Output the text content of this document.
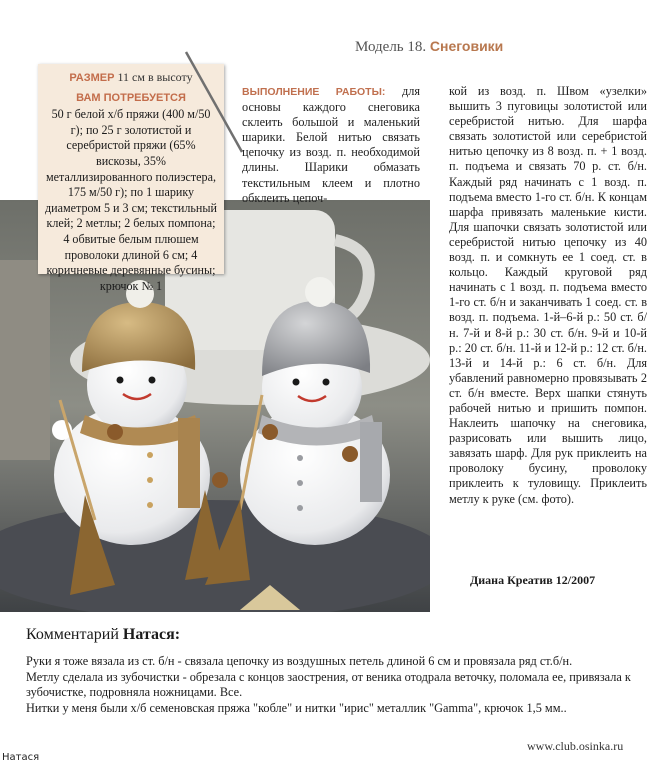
Модель 18. Снеговики
РАЗМЕР 11 см в высоту
ВАМ ПОТРЕБУЕТСЯ
50 г белой х/б пряжи (400 м/50 г); по 25 г золотистой и серебристой пряжи (65% вискозы, 35% металлизированного полиэстера, 175 м/50 г); по 1 шарику диаметром 5 и 3 см; текстильный клей; 2 метлы; 2 белых помпона; 4 обвитые белым плюшем проволоки длиной 6 см; 4 коричневые деревянные бусины; крючок № 1
ВЫПОЛНЕНИЕ РАБОТЫ: для основы каждого снеговика склеить большой и маленький шарики. Белой нитью связать цепочку из возд. п. необходимой длины. Шарики обмазать текстильным клеем и плотно обклеить цепоч-
кой из возд. п. Швом «узелки» вышить 3 пуговицы золотистой или серебристой нитью. Для шарфа связать золотистой или серебристой нитью цепочку из 8 возд. п. + 1 возд. п. подъема и связать 70 р. ст. б/н. Каждый ряд начинать с 1 возд. п. подъема вместо 1-го ст. б/н. К концам шарфа привязать маленькие кисти. Для шапочки связать золотистой или серебристой нитью цепочку из 40 возд. п. и сомкнуть ее 1 соед. ст. в кольцо. Каждый круговой ряд начинать с 1 возд. п. подъема вместо 1-го ст. б/н и заканчивать 1 соед. ст. в возд. п. подъема. 1-й–6-й р.: 50 ст. б/н. 7-й и 8-й р.: 30 ст. б/н. 9-й и 10-й р.: 20 ст. б/н. 11-й и 12-й р.: 12 ст. б/н. 13-й и 14-й р.: 6 ст. б/н. Для убавлений равномерно провязывать 2 ст. б/н вместе. Верх шапки стянуть рабочей нитью и пришить помпон. Наклеить шапочку на снеговика, разрисовать или вышить лицо, завязать шарф. Для рук приклеить на проволоку бусину, проволоку приклеить к туловищу. Приклеить метлу к руке (см. фото).
Диана Креатив 12/2007
Комментарий Натася:

Руки я тоже вязала из ст. б/н - связала цепочку из воздушных петель длиной 6 см и провязала ряд ст.б/н.

Метлу сделала из зубочистки - обрезала с концов заострения, от веника отодрала веточку, поломала ее, привязала к зубочистке, подровняла ножницами. Все.

Нитки у меня были х/б семеновская пряжа "кобле" и нитки "ирис" металлик "Gamma", крючок 1,5 мм..

www.club.osinka.ru
Натася
